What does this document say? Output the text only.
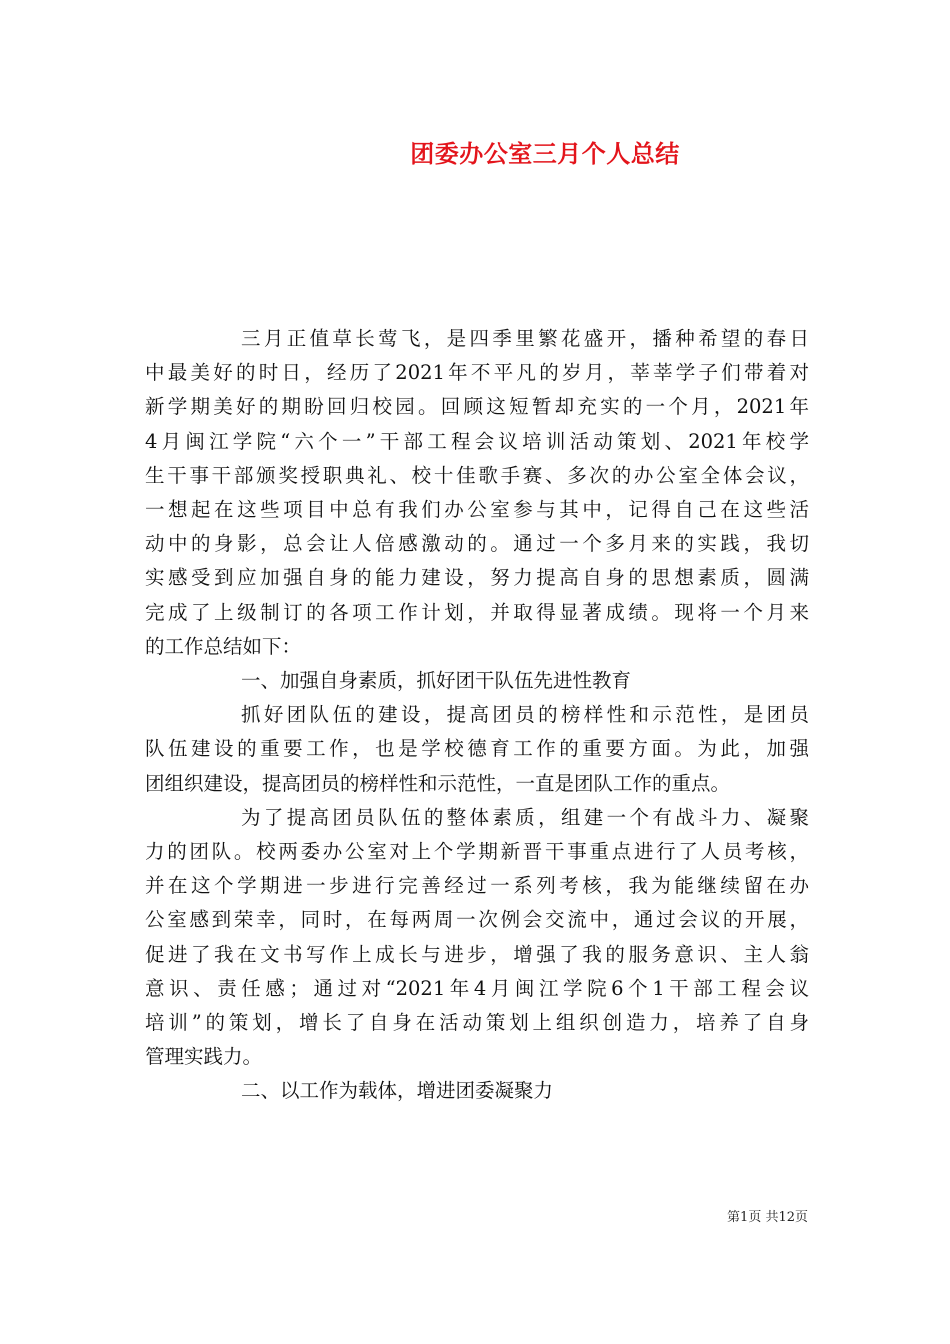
团委办公室三月个人总结

三月正值草长莺飞，是四季里繁花盛开，播种希望的春日
中最美好的时日，经历了2021年不平凡的岁月，莘莘学子们带着对
新学期美好的期盼回归校园。回顾这短暂却充实的一个月，2021年
4月闽江学院“六个一”干部工程会议培训活动策划、2021年校学
生干事干部颁奖授职典礼、校十佳歌手赛、多次的办公室全体会议，
一想起在这些项目中总有我们办公室参与其中，记得自己在这些活
动中的身影，总会让人倍感激动的。通过一个多月来的实践，我切
实感受到应加强自身的能力建设，努力提高自身的思想素质，圆满
完成了上级制订的各项工作计划，并取得显著成绩。现将一个月来
的工作总结如下：

一、加强自身素质，抓好团干队伍先进性教育

抓好团队伍的建设，提高团员的榜样性和示范性，是团员
队伍建设的重要工作，也是学校德育工作的重要方面。为此，加强
团组织建设，提高团员的榜样性和示范性，一直是团队工作的重点。

为了提高团员队伍的整体素质，组建一个有战斗力、凝聚
力的团队。校两委办公室对上个学期新晋干事重点进行了人员考核，
并在这个学期进一步进行完善经过一系列考核，我为能继续留在办
公室感到荣幸，同时，在每两周一次例会交流中，通过会议的开展，
促进了我在文书写作上成长与进步，增强了我的服务意识、主人翁
意识、责任感；通过对“2021年4月闽江学院6个1干部工程会议
培训”的策划，增长了自身在活动策划上组织创造力，培养了自身
管理实践力。

二、以工作为载体，增进团委凝聚力

第1页 共12页
